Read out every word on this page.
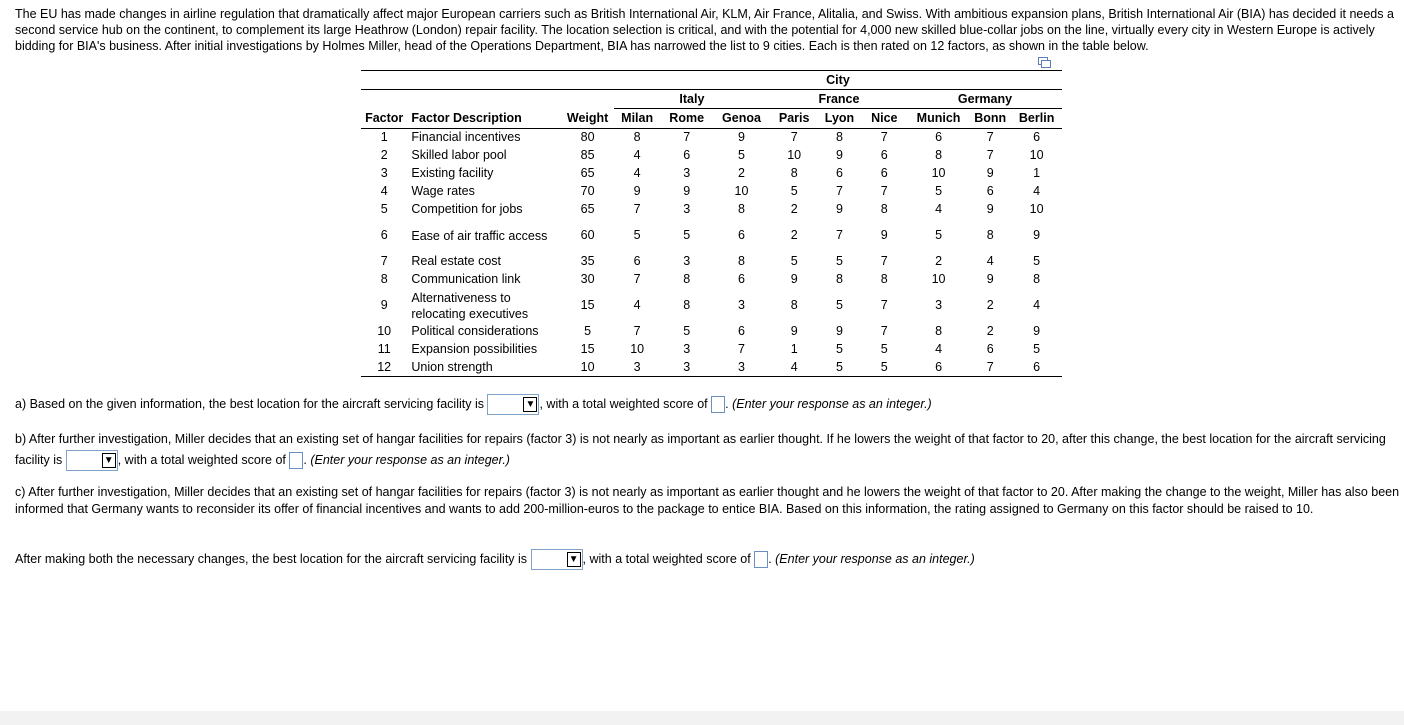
The EU has made changes in airline regulation that dramatically affect major European carriers such as British International Air, KLM, Air France, Alitalia, and Swiss. With ambitious expansion plans, British International Air (BIA) has decided it needs a second service hub on the continent, to complement its large Heathrow (London) repair facility. The location selection is critical, and with the potential for 4,000 new skilled blue-collar jobs on the line, virtually every city in Western Europe is actively bidding for BIA's business. After initial investigations by Holmes Miller, head of the Operations Department, BIA has narrowed the list to 9 cities. Each is then rated on 12 factors, as shown in the table below.
			City								
			Italy			France			Germany		
Factor	Factor Description	Weight	Milan	Rome	Genoa	Paris	Lyon	Nice	Munich	Bonn	Berlin
1	Financial incentives	80	8	7	9	7	8	7	6	7	6
2	Skilled labor pool	85	4	6	5	10	9	6	8	7	10
3	Existing facility	65	4	3	2	8	6	6	10	9	1
4	Wage rates	70	9	9	10	5	7	7	5	6	4
5	Competition for jobs	65	7	3	8	2	9	8	4	9	10
6	Ease of air traffic access	60	5	5	6	2	7	9	5	8	9
7	Real estate cost	35	6	3	8	5	5	7	2	4	5
8	Communication link	30	7	8	6	9	8	8	10	9	8
9	Alternativeness to relocating executives	15	4	8	3	8	5	7	3	2	4
10	Political considerations	5	7	5	6	9	9	7	8	2	9
11	Expansion possibilities	15	10	3	7	1	5	5	4	6	5
12	Union strength	10	3	3	3	4	5	5	6	7	6
a) Based on the given information, the best location for the aircraft servicing facility is	▼ , with a total weighted score of . (Enter your response as an integer.)
b) After further investigation, Miller decides that an existing set of hangar facilities for repairs (factor 3) is not nearly as important as earlier thought. If he lowers the weight of that factor to 20, after this change, the best location for the aircraft servicing facility is	▼ , with a total weighted score of . (Enter your response as an integer.)
c) After further investigation, Miller decides that an existing set of hangar facilities for repairs (factor 3) is not nearly as important as earlier thought and he lowers the weight of that factor to 20. After making the change to the weight, Miller has also been informed that Germany wants to reconsider its offer of financial incentives and wants to add 200-million-euros to the package to entice BIA. Based on this information, the rating assigned to Germany on this factor should be raised to 10.
After making both the necessary changes, the best location for the aircraft servicing facility is	▼ , with a total weighted score of . (Enter your response as an integer.)
